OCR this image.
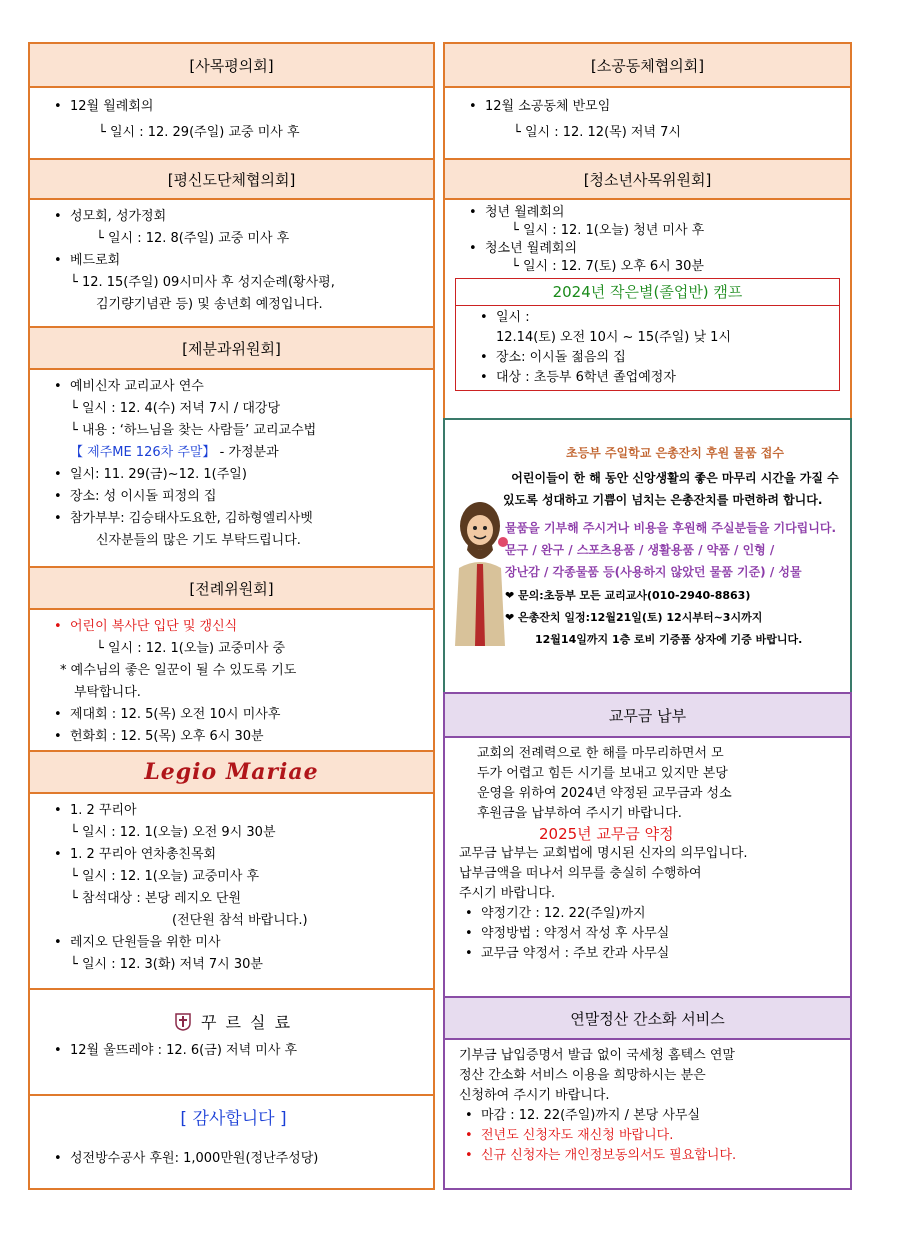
[사목평의회]
• 12월 월례회의
└ 일시 : 12. 29(주일) 교중 미사 후
[평신도단체협의회]
• 성모회, 성가정회
└ 일시 : 12. 8(주일) 교중 미사 후
• 베드로회
└ 12. 15(주일) 09시미사 후 성지순례(황사평,
김기량기념관 등) 및 송년회 예정입니다.
[제분과위원회]
• 예비신자 교리교사 연수
└ 일시 : 12. 4(수) 저녁 7시 / 대강당
└ 내용 : ‘하느님을 찾는 사람들’ 교리교수법
【 제주ME 126차 주말】 - 가정분과
• 일시: 11. 29(금)~12. 1(주일)
• 장소: 성 이시돌 피정의 집
• 참가부부: 김승태사도요한, 김하형엘리사벳
신자분들의 많은 기도 부탁드립니다.
[전례위원회]
• 어린이 복사단 입단 및 갱신식
└ 일시 : 12. 1(오늘) 교중미사 중
* 예수님의 좋은 일꾼이 될 수 있도록 기도
부탁합니다.
• 제대회 : 12. 5(목) 오전 10시 미사후
• 헌화회 : 12. 5(목) 오후 6시 30분
Legio Mariae
• 1. 2 꾸리아
└ 일시 : 12. 1(오늘) 오전 9시 30분
• 1. 2 꾸리아 연차총친목회
└ 일시 : 12. 1(오늘) 교중미사 후
└ 참석대상 : 본당 레지오 단원
(전단원 참석 바랍니다.)
• 레지오 단원들을 위한 미사
└ 일시 : 12. 3(화) 저녁 7시 30분
꾸 르 실 료
• 12월 울뜨레야 : 12. 6(금) 저녁 미사 후
[ 감사합니다 ]
• 성전방수공사 후원: 1,000만원(정난주성당)
[소공동체협의회]
• 12월 소공동체 반모임
└ 일시 : 12. 12(목) 저녁 7시
[청소년사목위원회]
• 청년 월례회의
└ 일시 : 12. 1(오늘) 청년 미사 후
• 청소년 월례회의
└ 일시 : 12. 7(토) 오후 6시 30분
2024년 작은별(졸업반) 캠프
• 일시 :
12.14(토) 오전 10시 ~ 15(주일) 낮 1시
• 장소: 이시돌 젊음의 집
• 대상 : 초등부 6학년 졸업예정자
초등부 주일학교 은총잔치 후원 물품 접수
어린이들이 한 해 동안 신앙생활의 좋은 마무리 시간을 가질 수
있도록 성대하고 기쁨이 넘치는 은총잔치를 마련하려 합니다.
물품을 기부해 주시거나 비용을 후원해 주실분들을 기다립니다.
문구 / 완구 / 스포츠용품 / 생활용품 / 약품 / 인형 /
장난감 / 각종물품 등(사용하지 않았던 물품 기준) / 성물
❤ 문의:초등부 모든 교리교사(010-2940-8863)
❤ 은총잔치 일정:12월21일(토) 12시부터~3시까지
12월14일까지 1층 로비 기증품 상자에 기증 바랍니다.
교무금 납부
교회의 전례력으로 한 해를 마무리하면서 모
두가 어렵고 힘든 시기를 보내고 있지만 본당
운영을 위하여 2024년 약정된 교무금과 성소
후원금을 납부하여 주시기 바랍니다.
2025년 교무금 약정
교무금 납부는 교회법에 명시된 신자의 의무입니다.
납부금액을 떠나서 의무를 충실히 수행하여
주시기 바랍니다.
• 약정기간 : 12. 22(주일)까지
• 약정방법 : 약정서 작성 후 사무실
• 교무금 약정서 : 주보 칸과 사무실
연말정산 간소화 서비스
기부금 납입증명서 발급 없이 국세청 홈텍스 연말
정산 간소화 서비스 이용을 희망하시는 분은
신청하여 주시기 바랍니다.
• 마감 : 12. 22(주일)까지 / 본당 사무실
• 전년도 신청자도 재신청 바랍니다.
• 신규 신청자는 개인정보동의서도 필요합니다.
